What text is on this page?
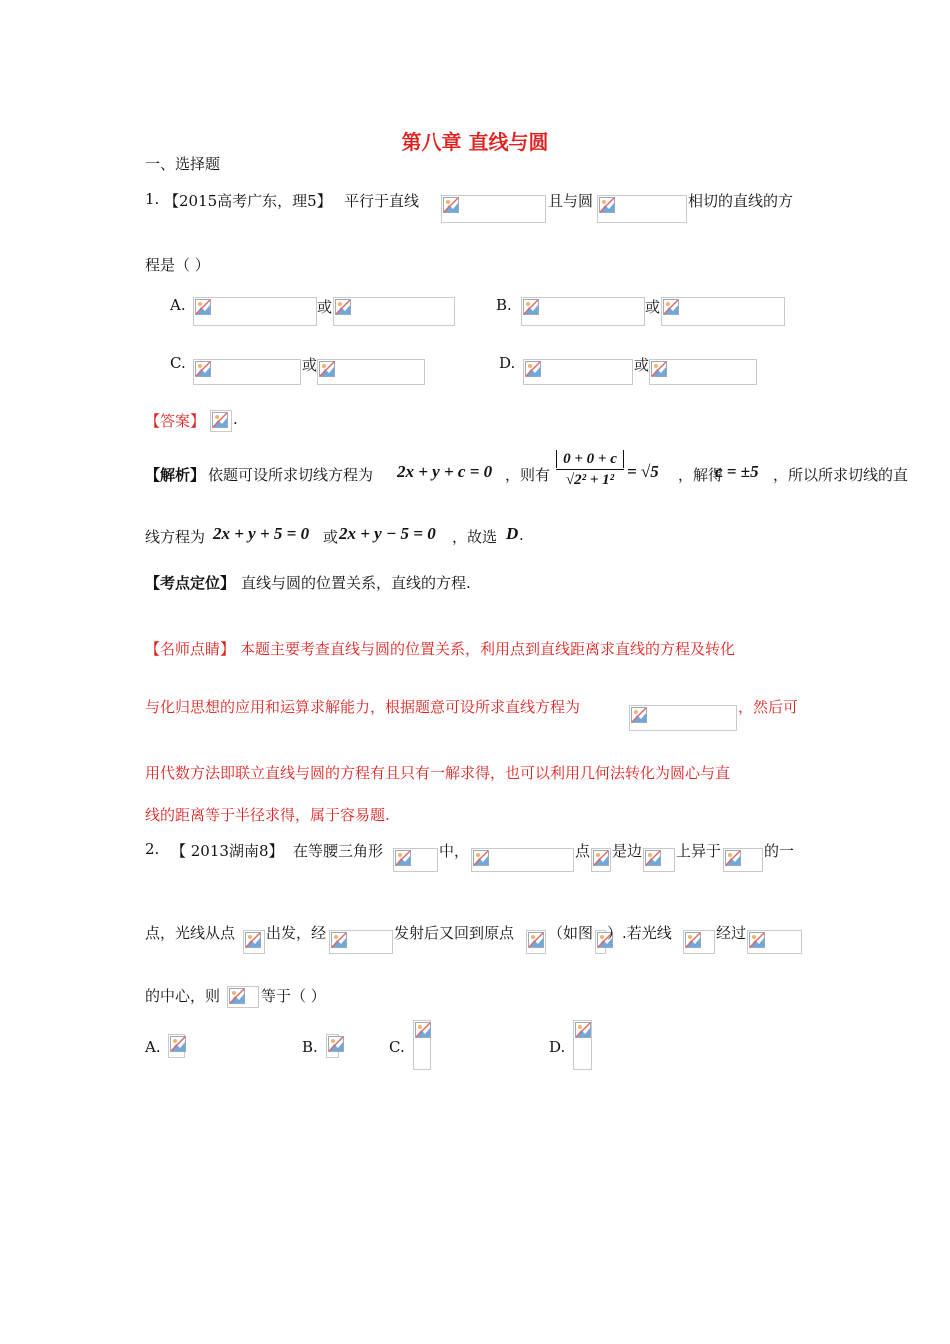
第八章 直线与圆
一、选择题
1. 【2015高考广东，理5】 平行于直线	且与圆	相切的直线的方
程是（ ）
A.	或	B.	或
C.	或	D.	或
【答案】 .
【解析】 依题可设所求切线方程为 2x + y + c = 0 ，则有
0 + 0 + c
√2² + 1² = √5 ，解得
c = ±5 ，所以所求切线的直
线方程为 2x + y + 5 = 0 或 2x + y − 5 = 0 ，故选 D .
【考点定位】 直线与圆的位置关系，直线的方程.
【名师点睛】 本题主要考查直线与圆的位置关系，利用点到直线距离求直线的方程及转化
与化归思想的应用和运算求解能力，根据题意可设所求直线方程为	，然后可
用代数方法即联立直线与圆的方程有且只有一解求得，也可以利用几何法转化为圆心与直
线的距离等于半径求得，属于容易题.
2. 【 2013湖南8】 在等腰三角形	中，	点 是边 上异于	的一
点，光线从点 出发，经	发射后又回到原点 （如图 ）.若光线	经过
的中心，则	等于（ ）
A.	B.	C.	D.
